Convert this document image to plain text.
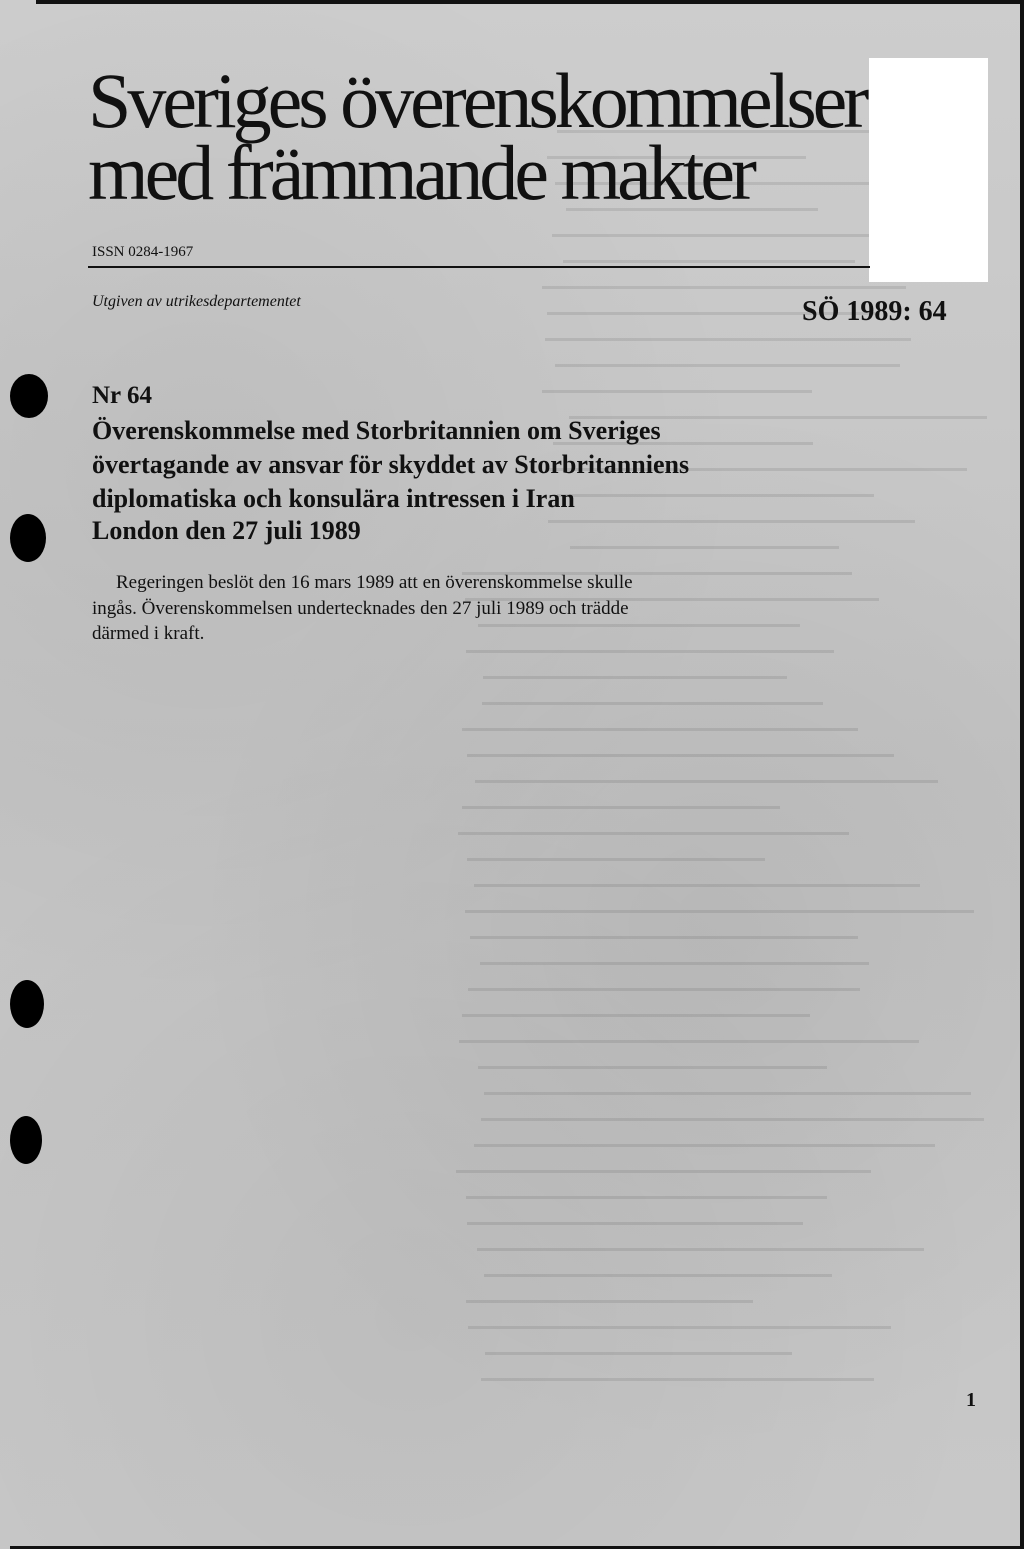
Sveriges överenskommelser
med främmande makter
ISSN 0284-1967
Utgiven av utrikesdepartementet	SÖ 1989: 64
Nr 64
Överenskommelse med Storbritannien om Sveriges
övertagande av ansvar för skyddet av Storbritanniens
diplomatiska och konsulära intressen i Iran
London den 27 juli 1989
Regeringen beslöt den 16 mars 1989 att en överenskommelse skulle
ingås. Överenskommelsen undertecknades den 27 juli 1989 och trädde
därmed i kraft.
1
